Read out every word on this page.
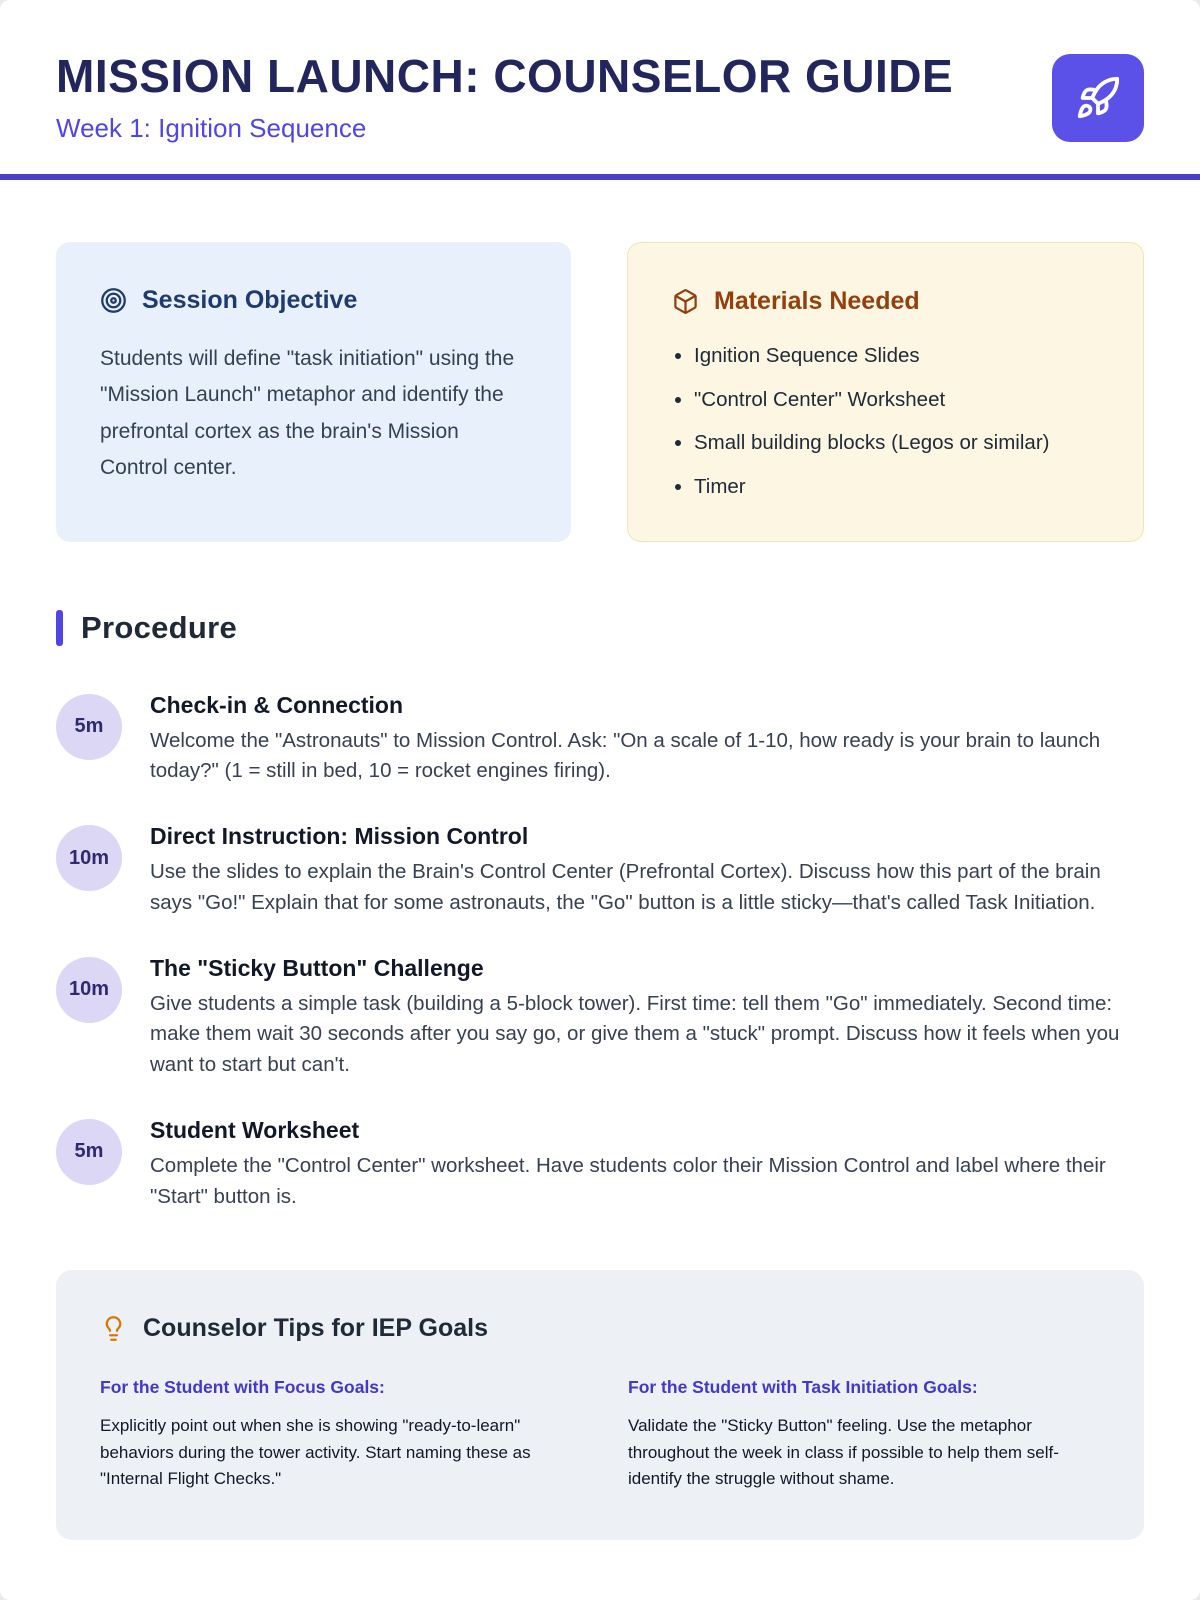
MISSION LAUNCH: COUNSELOR GUIDE
Week 1: Ignition Sequence
Session Objective

Students will define "task initiation" using the "Mission Launch" metaphor and identify the prefrontal cortex as the brain's Mission Control center.

Materials Needed
• Ignition Sequence Slides
• "Control Center" Worksheet
• Small building blocks (Legos or similar)
• Timer
Procedure
5m
Check-in & Connection

Welcome the "Astronauts" to Mission Control. Ask: "On a scale of 1-10, how ready is your brain to launch today?" (1 = still in bed, 10 = rocket engines firing).

10m
Direct Instruction: Mission Control

Use the slides to explain the Brain's Control Center (Prefrontal Cortex). Discuss how this part of the brain says "Go!" Explain that for some astronauts, the "Go" button is a little sticky—that's called Task Initiation.

10m
The "Sticky Button" Challenge

Give students a simple task (building a 5-block tower). First time: tell them "Go" immediately. Second time: make them wait 30 seconds after you say go, or give them a "stuck" prompt. Discuss how it feels when you want to start but can't.

5m
Student Worksheet

Complete the "Control Center" worksheet. Have students color their Mission Control and label where their "Start" button is.

Counselor Tips for IEP Goals
For the Student with Focus Goals:

Explicitly point out when she is showing "ready-to-learn" behaviors during the tower activity. Start naming these as "Internal Flight Checks."

For the Student with Task Initiation Goals:

Validate the "Sticky Button" feeling. Use the metaphor throughout the week in class if possible to help them self-identify the struggle without shame.
